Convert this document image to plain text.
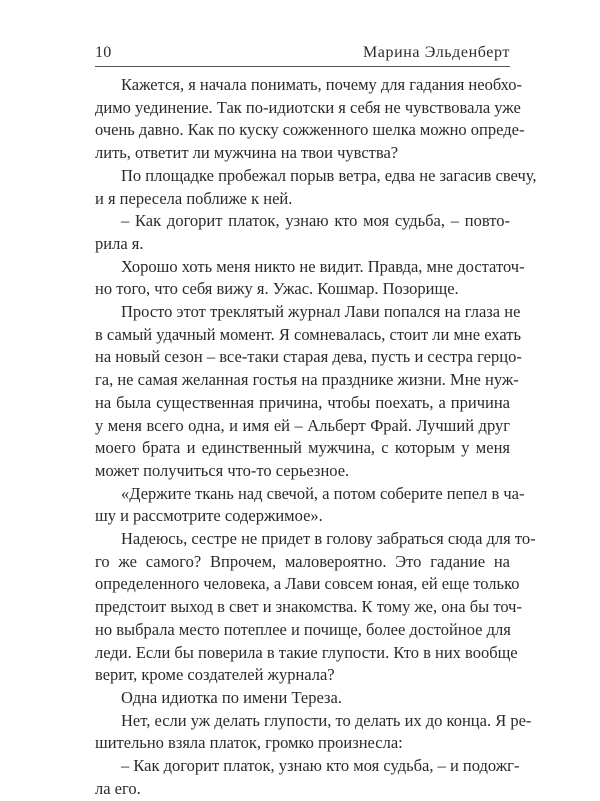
10	Марина Эльденберт
Кажется, я начала понимать, почему для гадания необхо-
димо уединение. Так по-идиотски я себя не чувствовала уже
очень давно. Как по куску сожженного шелка можно опреде-
лить, ответит ли мужчина на твои чувства?
По площадке пробежал порыв ветра, едва не загасив свечу,
и я пересела поближе к ней.
– Как догорит платок, узнаю кто моя судьба, – повто-
рила я.
Хорошо хоть меня никто не видит. Правда, мне достаточ-
но того, что себя вижу я. Ужас. Кошмар. Позорище.
Просто этот треклятый журнал Лави попался на глаза не
в самый удачный момент. Я сомневалась, стоит ли мне ехать
на новый сезон – все-таки старая дева, пусть и сестра герцо-
га, не самая желанная гостья на празднике жизни. Мне нуж-
на была существенная причина, чтобы поехать, а причина
у меня всего одна, и имя ей – Альберт Фрай. Лучший друг
моего брата и единственный мужчина, с которым у меня
может получиться что-то серьезное.
«Держите ткань над свечой, а потом соберите пепел в ча-
шу и рассмотрите содержимое».
Надеюсь, сестре не придет в голову забраться сюда для то-
го же самого? Впрочем, маловероятно. Это гадание на
определенного человека, а Лави совсем юная, ей еще только
предстоит выход в свет и знакомства. К тому же, она бы точ-
но выбрала место потеплее и почище, более достойное для
леди. Если бы поверила в такие глупости. Кто в них вообще
верит, кроме создателей журнала?
Одна идиотка по имени Тереза.
Нет, если уж делать глупости, то делать их до конца. Я ре-
шительно взяла платок, громко произнесла:
– Как догорит платок, узнаю кто моя судьба, – и подожг-
ла его.
